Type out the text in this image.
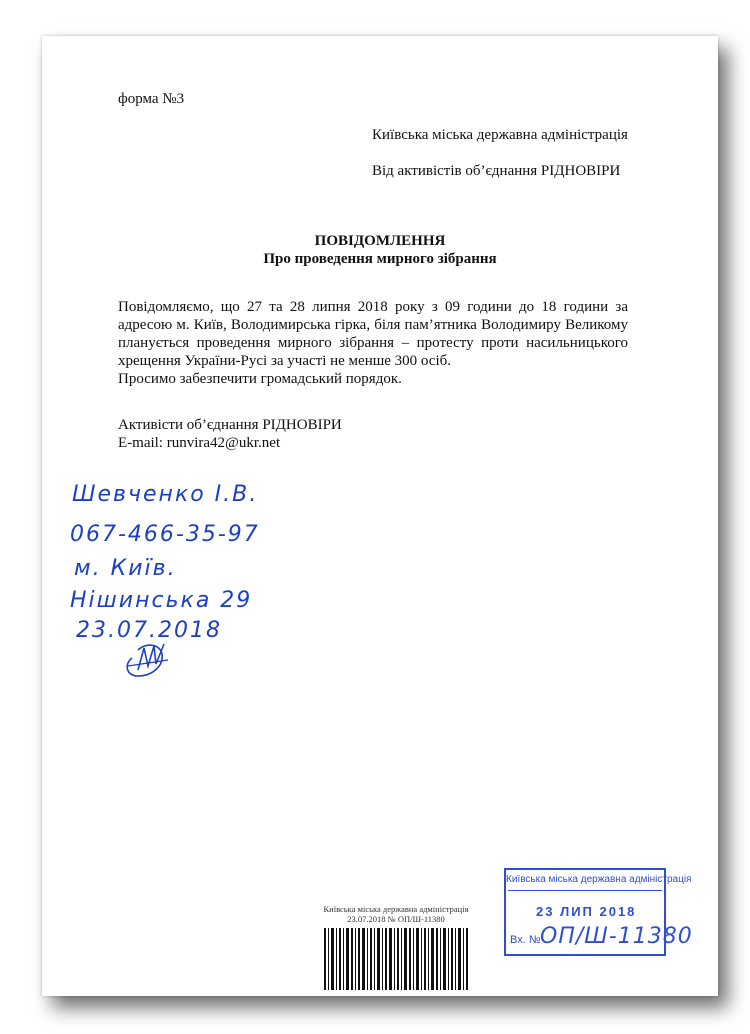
форма №3
Київська міська державна адміністрація
Від активістів об’єднання РІДНОВІРИ
ПОВІДОМЛЕННЯ
Про проведення мирного зібрання

Повідомляємо, що 27 та 28 липня 2018 року з 09 години до 18 години за адресою м. Київ, Володимирська гірка, біля пам’ятника Володимиру Великому планується проведення мирного зібрання – протесту проти насильницького хрещення України-Русі за участі не менше 300 осіб.

Просимо забезпечити громадський порядок.

Активісти об’єднання РІДНОВІРИ
E-mail: runvira42@ukr.net
Шевченко І.В.
067-466-35-97
м. Київ.
Нішинська 29
23.07.2018
Київська міська державна адміністрація
23.07.2018 № ОП/Ш-11380
Київська міська державна адміністрація
23 ЛИП 2018
Вх. № ОП/Ш-11380
